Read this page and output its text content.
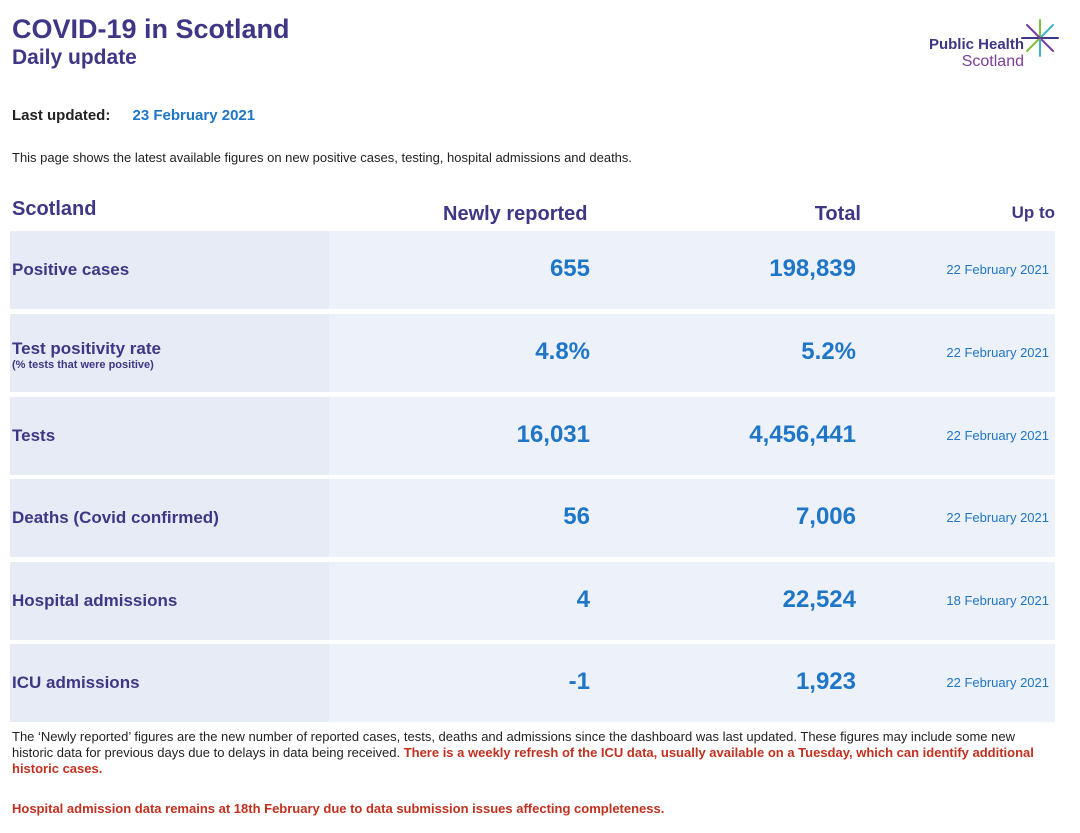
COVID-19 in Scotland
Daily update
Public Health
Scotland
Last updated: 23 February 2021
This page shows the latest available figures on new positive cases, testing, hospital admissions and deaths.
Scotland	Newly reported	Total	Up to
Positive cases	655	198,839	22 February 2021
Test positivity rate
(% tests that were positive)	4.8%	5.2%	22 February 2021
Tests	16,031	4,456,441	22 February 2021
Deaths (Covid confirmed)	56	7,006	22 February 2021
Hospital admissions	4	22,524	18 February 2021
ICU admissions	-1	1,923	22 February 2021
The ‘Newly reported’ figures are the new number of reported cases, tests, deaths and admissions since the dashboard was last updated. These figures may include some new historic data for previous days due to delays in data being received. There is a weekly refresh of the ICU data, usually available on a Tuesday, which can identify additional historic cases.
Hospital admission data remains at 18th February due to data submission issues affecting completeness.
